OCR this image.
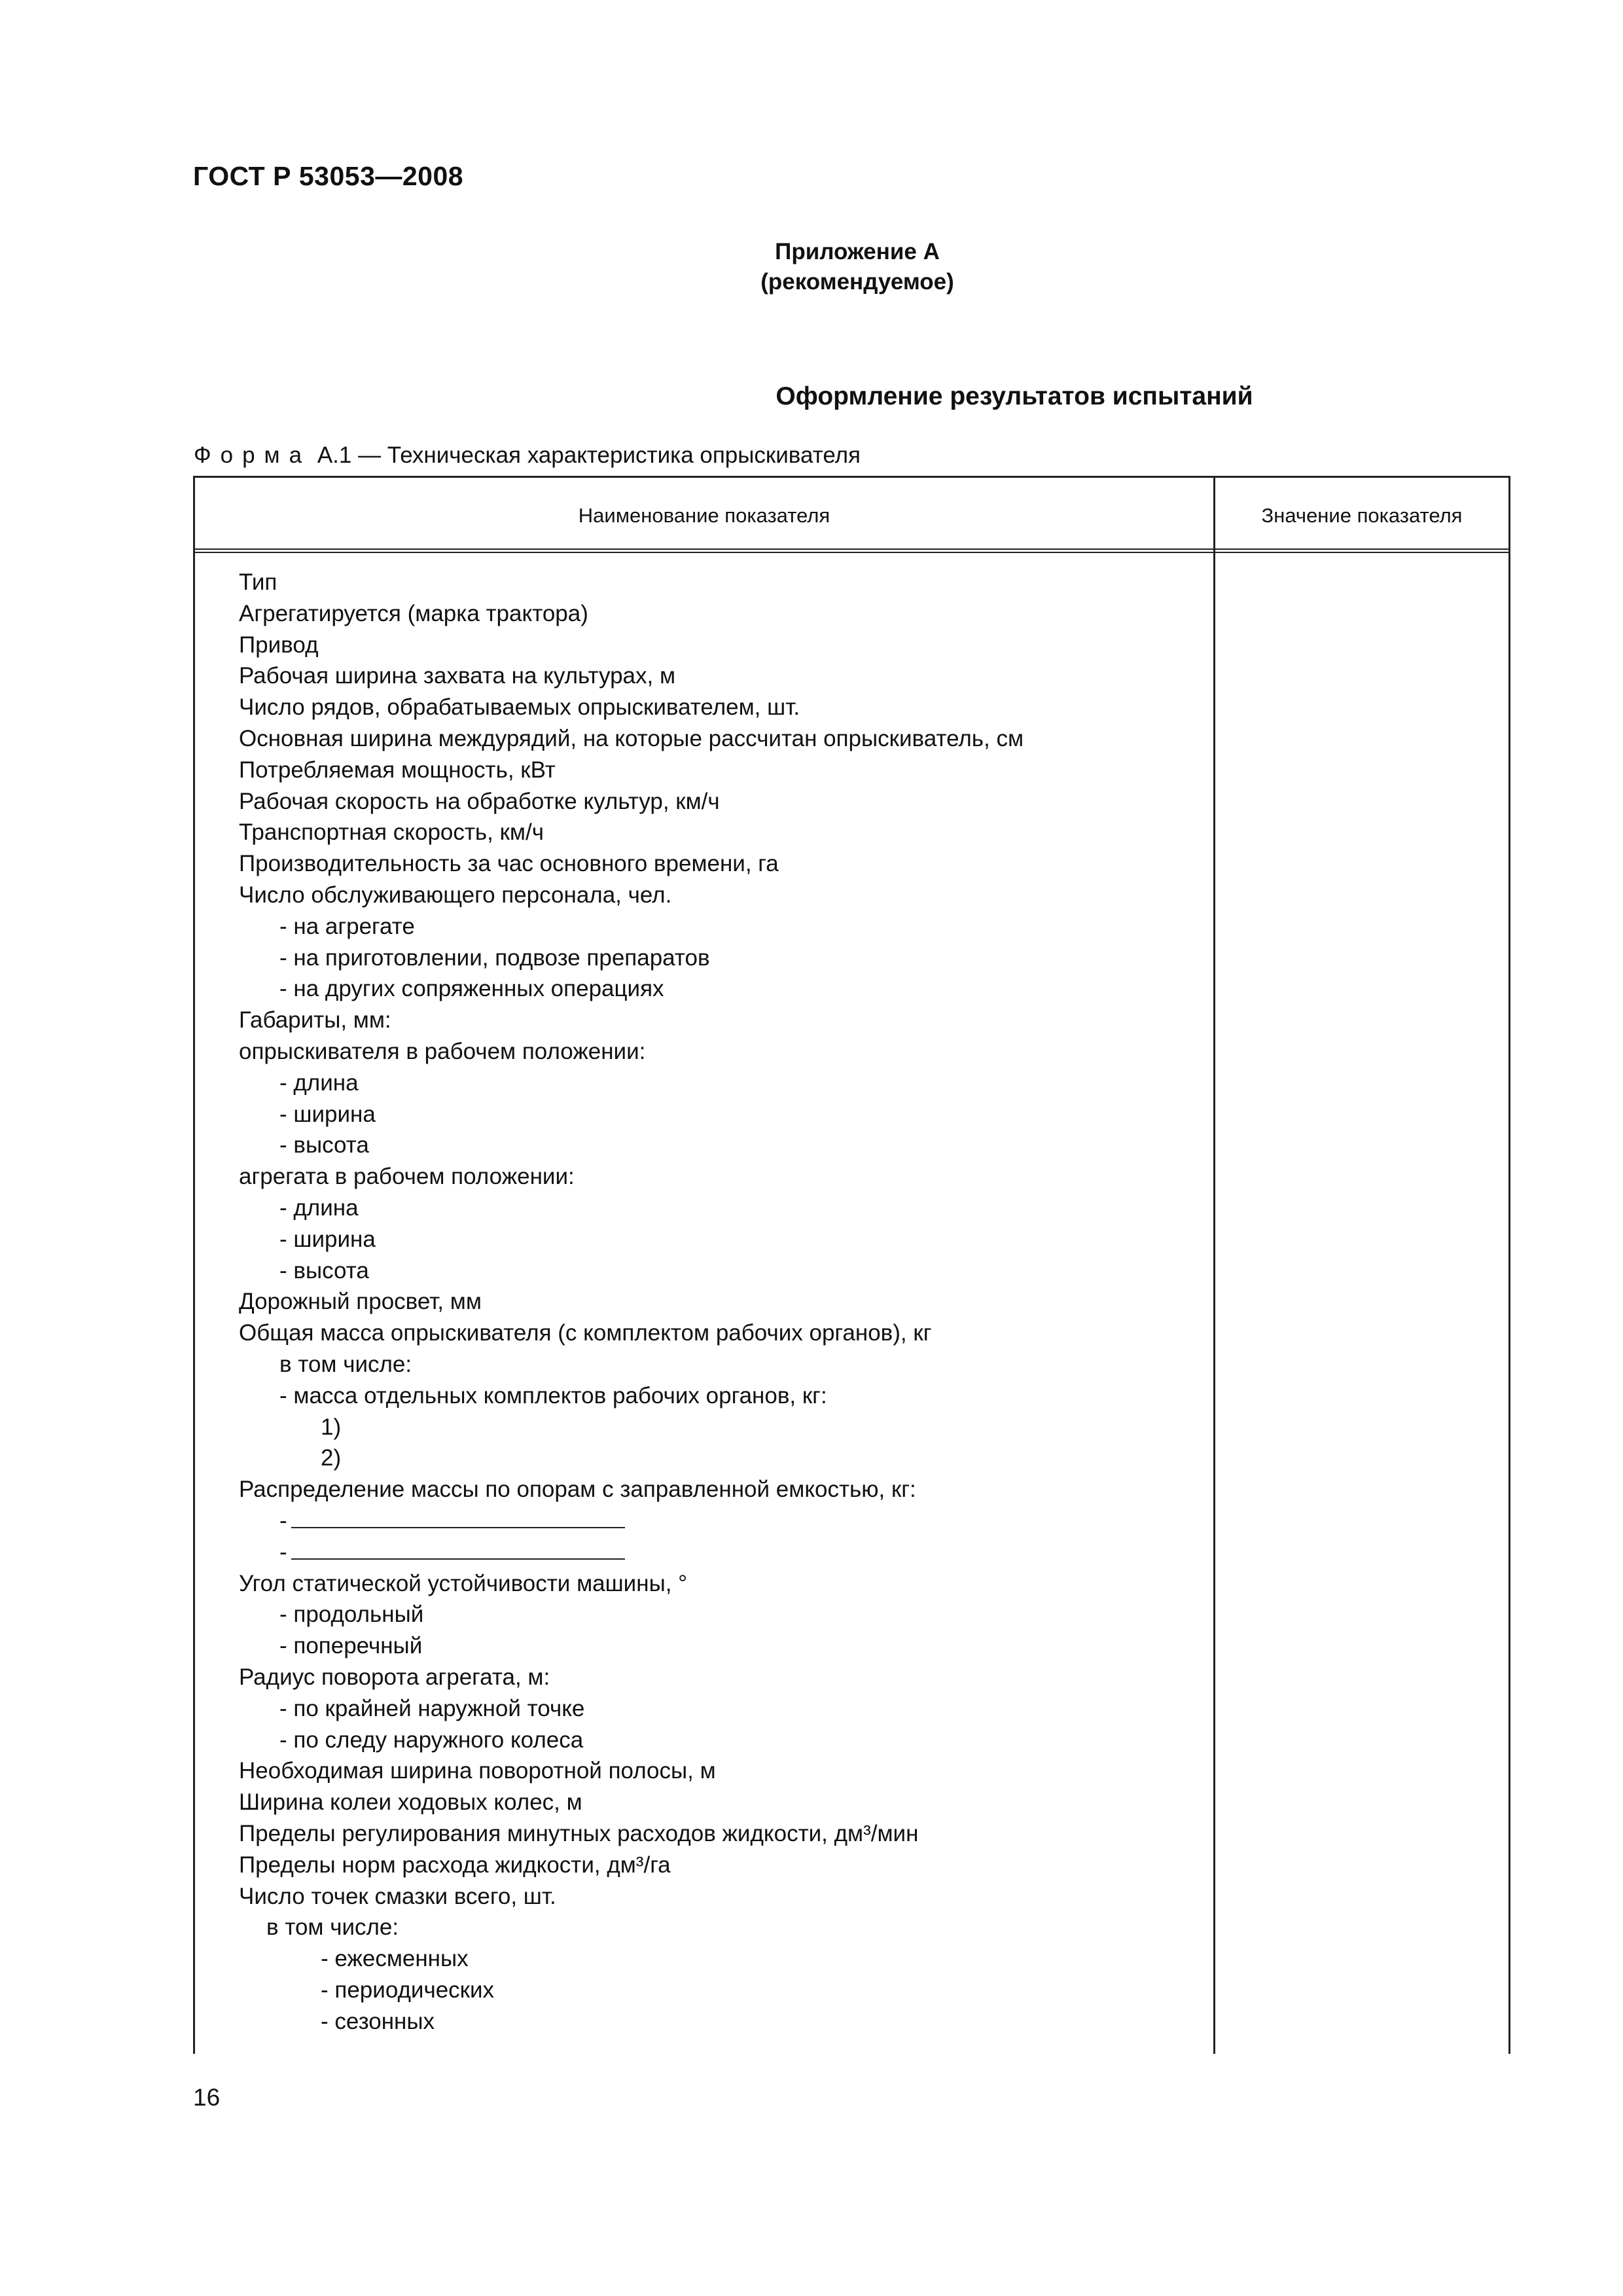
ГОСТ Р 53053—2008
Приложение А
(рекомендуемое)
Оформление результатов испытаний
Форма А.1 — Техническая характеристика опрыскивателя
Наименование показателя	Значение показателя
Тип
Агрегатируется (марка трактора)
Привод
Рабочая ширина захвата на культурах, м
Число рядов, обрабатываемых опрыскивателем, шт.
Основная ширина междурядий, на которые рассчитан опрыскиватель, см
Потребляемая мощность, кВт
Рабочая скорость на обработке культур, км/ч
Транспортная скорость, км/ч
Производительность за час основного времени, га
Число обслуживающего персонала, чел.
- на агрегате
- на приготовлении, подвозе препаратов
- на других сопряженных операциях
Габариты, мм:
опрыскивателя в рабочем положении:
- длина
- ширина
- высота
агрегата в рабочем положении:
- длина
- ширина
- высота
Дорожный просвет, мм
Общая масса опрыскивателя (с комплектом рабочих органов), кг
в том числе:
- масса отдельных комплектов рабочих органов, кг:
1)
2)
Распределение массы по опорам с заправленной емкостью, кг:
-
-
Угол статической устойчивости машины, °
- продольный
- поперечный
Радиус поворота агрегата, м:
- по крайней наружной точке
- по следу наружного колеса
Необходимая ширина поворотной полосы, м
Ширина колеи ходовых колес, м
Пределы регулирования минутных расходов жидкости, дм³/мин
Пределы норм расхода жидкости, дм³/га
Число точек смазки всего, шт.
в том числе:
- ежесменных
- периодических
- сезонных
16
